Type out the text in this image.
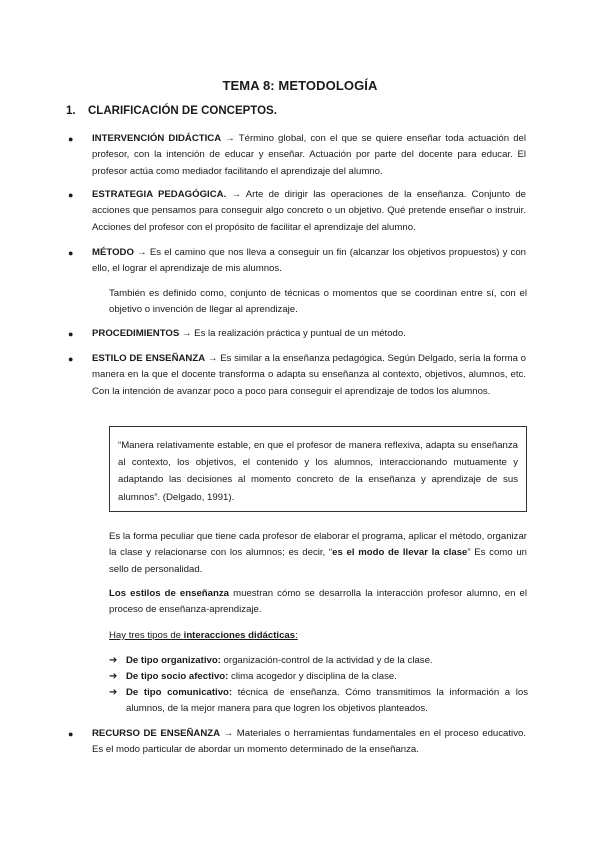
TEMA 8: METODOLOGÍA
1. CLARIFICACIÓN DE CONCEPTOS.
● INTERVENCIÓN DIDÁCTICA → Término global, con el que se quiere enseñar toda actuación del profesor, con la intención de educar y enseñar. Actuación por parte del docente para educar. El profesor actúa como mediador facilitando el aprendizaje del alumno.
● ESTRATEGIA PEDAGÓGICA. → Arte de dirigir las operaciones de la enseñanza. Conjunto de acciones que pensamos para conseguir algo concreto o un objetivo. Qué pretende enseñar o instruir. Acciones del profesor con el propósito de facilitar el aprendizaje del alumno.
● MÉTODO → Es el camino que nos lleva a conseguir un fin (alcanzar los objetivos propuestos) y con ello, el lograr el aprendizaje de mis alumnos.
También es definido como, conjunto de técnicas o momentos que se coordinan entre sí, con el objetivo o invención de llegar al aprendizaje.
● PROCEDIMIENTOS → Es la realización práctica y puntual de un método.
● ESTILO DE ENSEÑANZA → Es similar a la enseñanza pedagógica. Según Delgado, sería la forma o manera en la que el docente transforma o adapta su enseñanza al contexto, objetivos, alumnos, etc. Con la intención de avanzar poco a poco para conseguir el aprendizaje de todos los alumnos.
“Manera relativamente estable, en que el profesor de manera reflexiva, adapta su enseñanza al contexto, los objetivos, el contenido y los alumnos, interaccionando mutuamente y adaptando las decisiones al momento concreto de la enseñanza y aprendizaje de sus alumnos”. (Delgado, 1991).
Es la forma peculiar que tiene cada profesor de elaborar el programa, aplicar el método, organizar la clase y relacionarse con los alumnos; es decir, “es el modo de llevar la clase” Es como un sello de personalidad.
Los estilos de enseñanza muestran cómo se desarrolla la interacción profesor alumno, en el proceso de enseñanza-aprendizaje.
Hay tres tipos de interacciones didácticas:
➔ De tipo organizativo: organización-control de la actividad y de la clase.
➔ De tipo socio afectivo: clima acogedor y disciplina de la clase.
➔ De tipo comunicativo: técnica de enseñanza. Cómo transmitimos la información a los alumnos, de la mejor manera para que logren los objetivos planteados.
● RECURSO DE ENSEÑANZA → Materiales o herramientas fundamentales en el proceso educativo. Es el modo particular de abordar un momento determinado de la enseñanza.
